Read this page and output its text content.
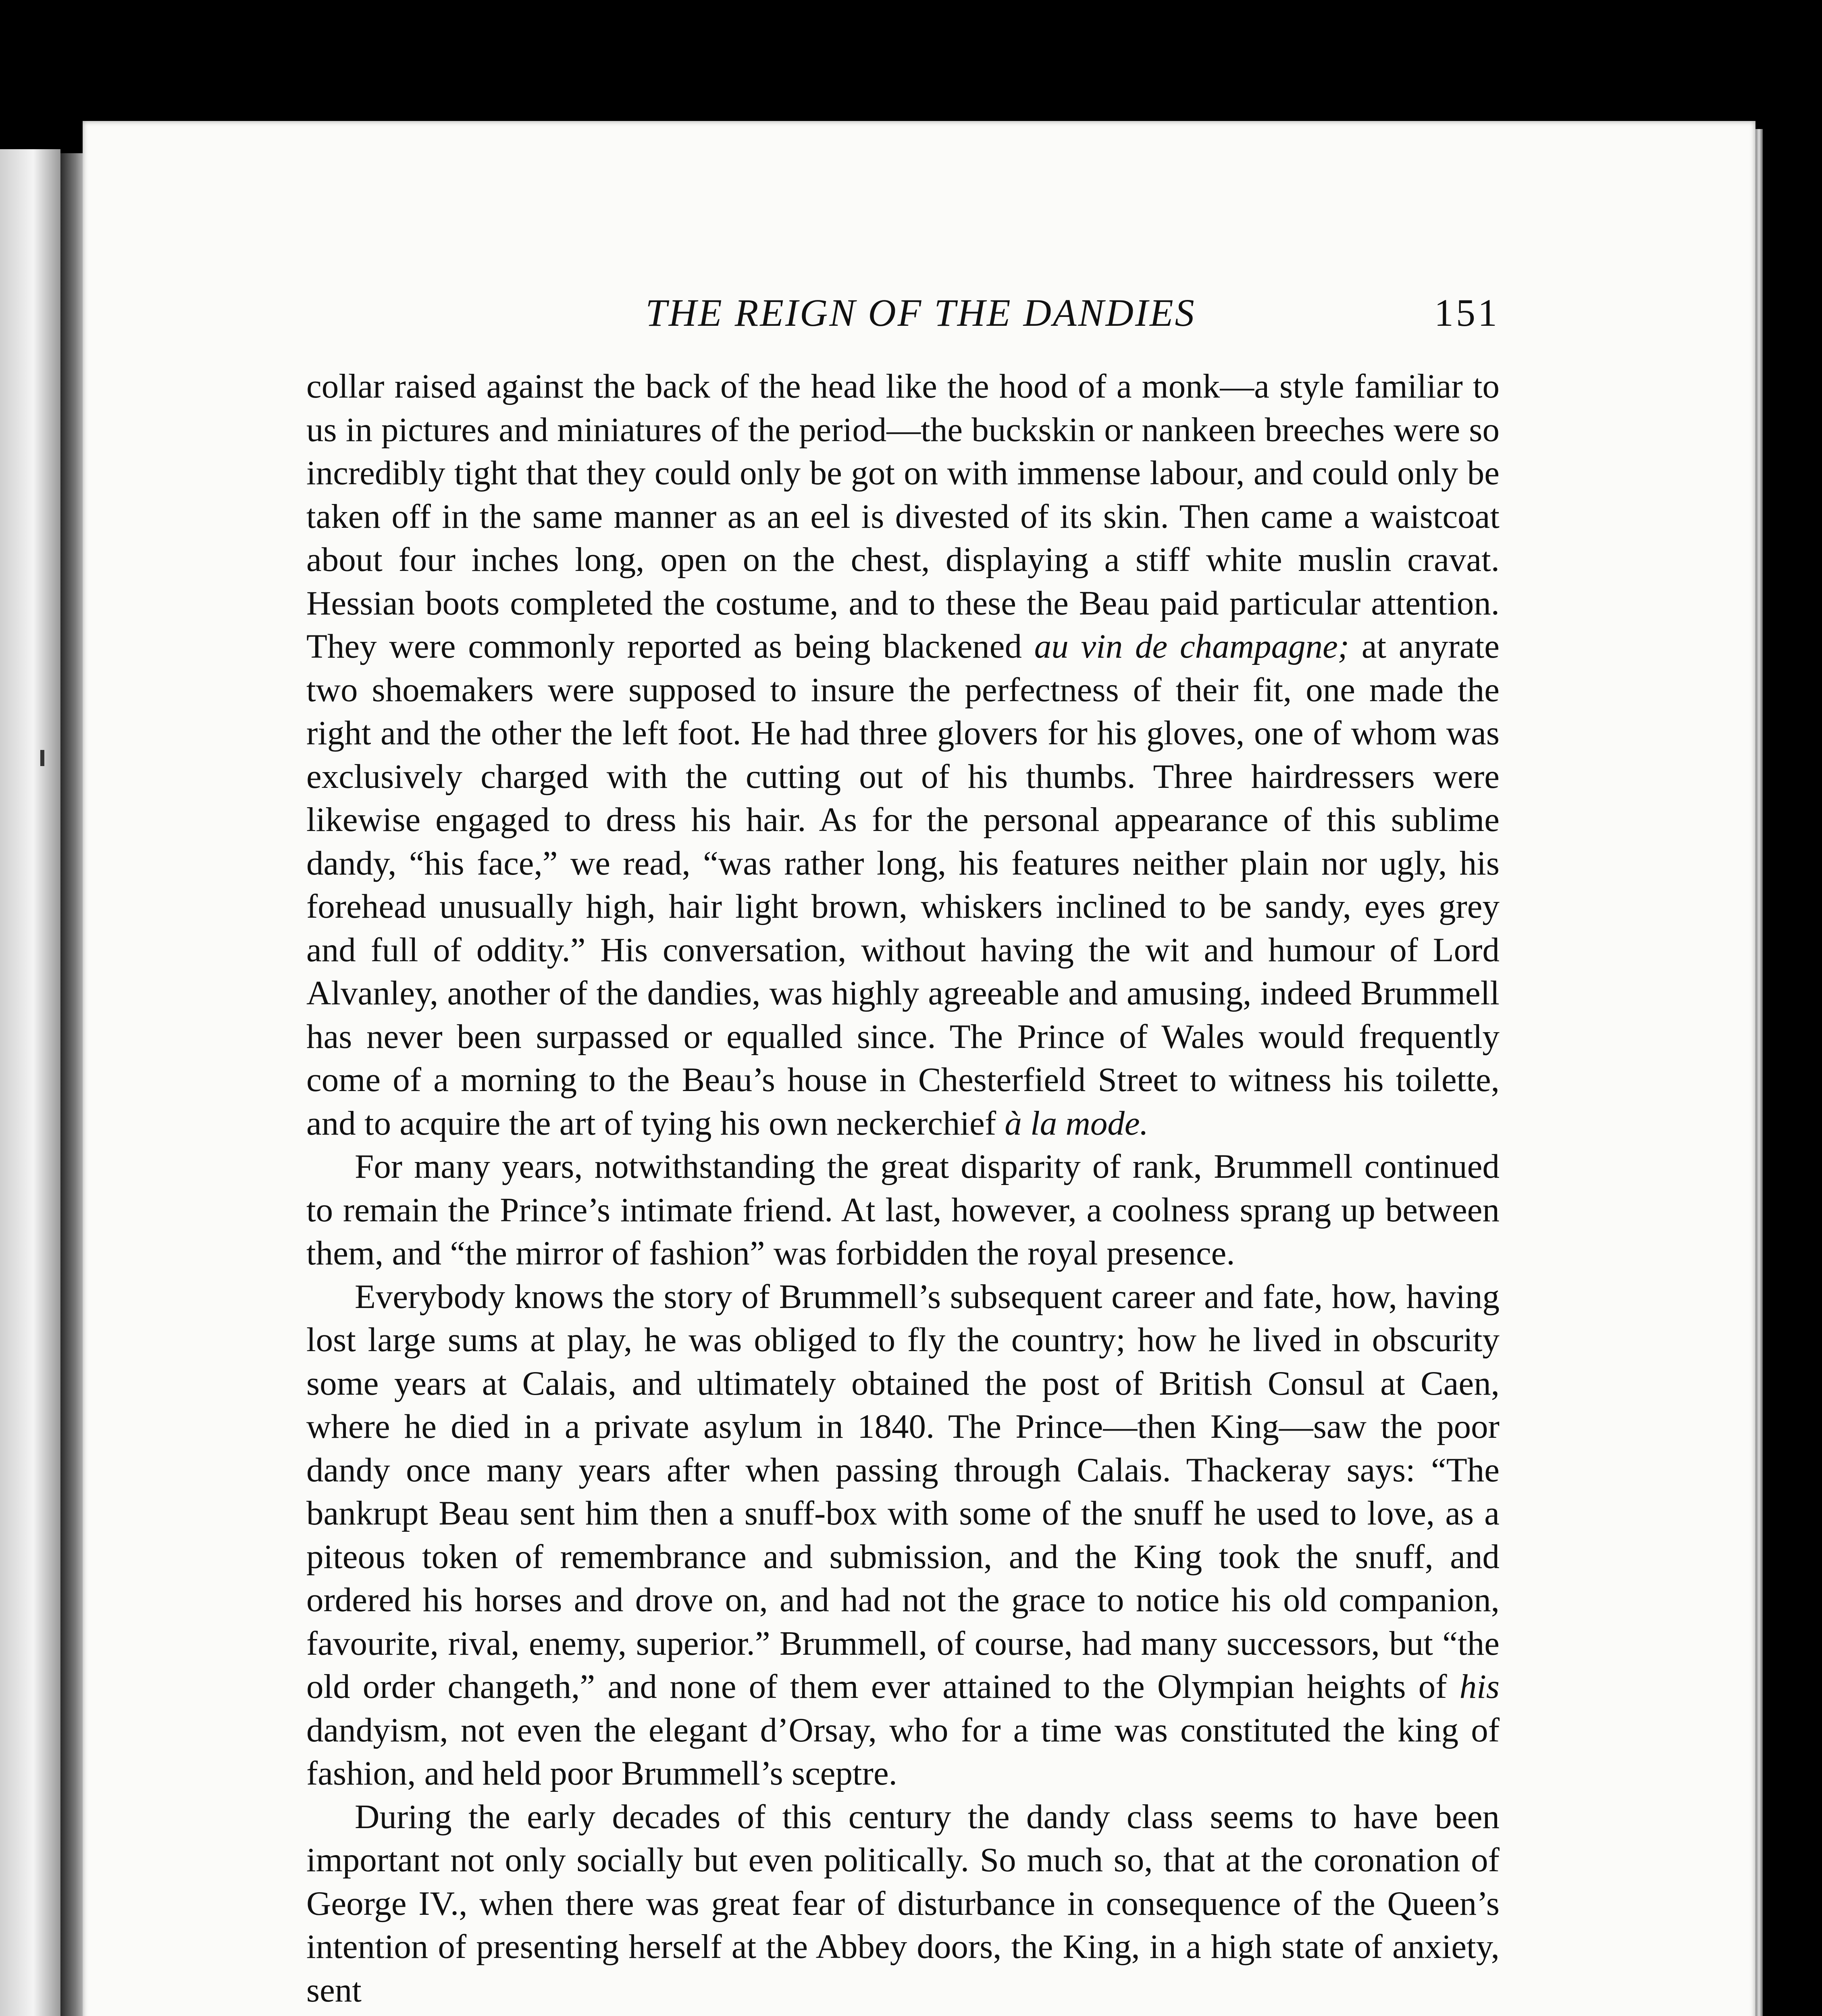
THE REIGN OF THE DANDIES	151

collar raised against the back of the head like the hood of a monk—a style familiar to us in pictures and miniatures of the period—the buckskin or nankeen breeches were so incredibly tight that they could only be got on with immense labour, and could only be taken off in the same manner as an eel is divested of its skin. Then came a waistcoat about four inches long, open on the chest, displaying a stiff white muslin cravat. Hessian boots completed the costume, and to these the Beau paid particular attention. They were commonly reported as being blackened au vin de champagne; at anyrate two shoemakers were supposed to insure the perfectness of their fit, one made the right and the other the left foot. He had three glovers for his gloves, one of whom was exclusively charged with the cutting out of his thumbs. Three hairdressers were likewise engaged to dress his hair. As for the personal appearance of this sublime dandy, “his face,” we read, “was rather long, his features neither plain nor ugly, his forehead unusually high, hair light brown, whiskers inclined to be sandy, eyes grey and full of oddity.” His conversation, without having the wit and humour of Lord Alvanley, another of the dandies, was highly agreeable and amusing, indeed Brummell has never been surpassed or equalled since. The Prince of Wales would frequently come of a morning to the Beau’s house in Chesterfield Street to witness his toilette, and to acquire the art of tying his own neckerchief à la mode.

For many years, notwithstanding the great disparity of rank, Brummell continued to remain the Prince’s intimate friend. At last, however, a coolness sprang up between them, and “the mirror of fashion” was forbidden the royal presence.

Everybody knows the story of Brummell’s subsequent career and fate, how, having lost large sums at play, he was obliged to fly the country; how he lived in obscurity some years at Calais, and ultimately obtained the post of British Consul at Caen, where he died in a private asylum in 1840. The Prince—then King—saw the poor dandy once many years after when passing through Calais. Thackeray says: “The bankrupt Beau sent him then a snuff-box with some of the snuff he used to love, as a piteous token of remembrance and submission, and the King took the snuff, and ordered his horses and drove on, and had not the grace to notice his old companion, favourite, rival, enemy, superior.” Brummell, of course, had many successors, but “the old order changeth,” and none of them ever attained to the Olympian heights of his dandyism, not even the elegant d’Orsay, who for a time was constituted the king of fashion, and held poor Brummell’s sceptre.

During the early decades of this century the dandy class seems to have been important not only socially but even politically. So much so, that at the coronation of George IV., when there was great fear of disturbance in consequence of the Queen’s intention of presenting herself at the Abbey doors, the King, in a high state of anxiety, sent
